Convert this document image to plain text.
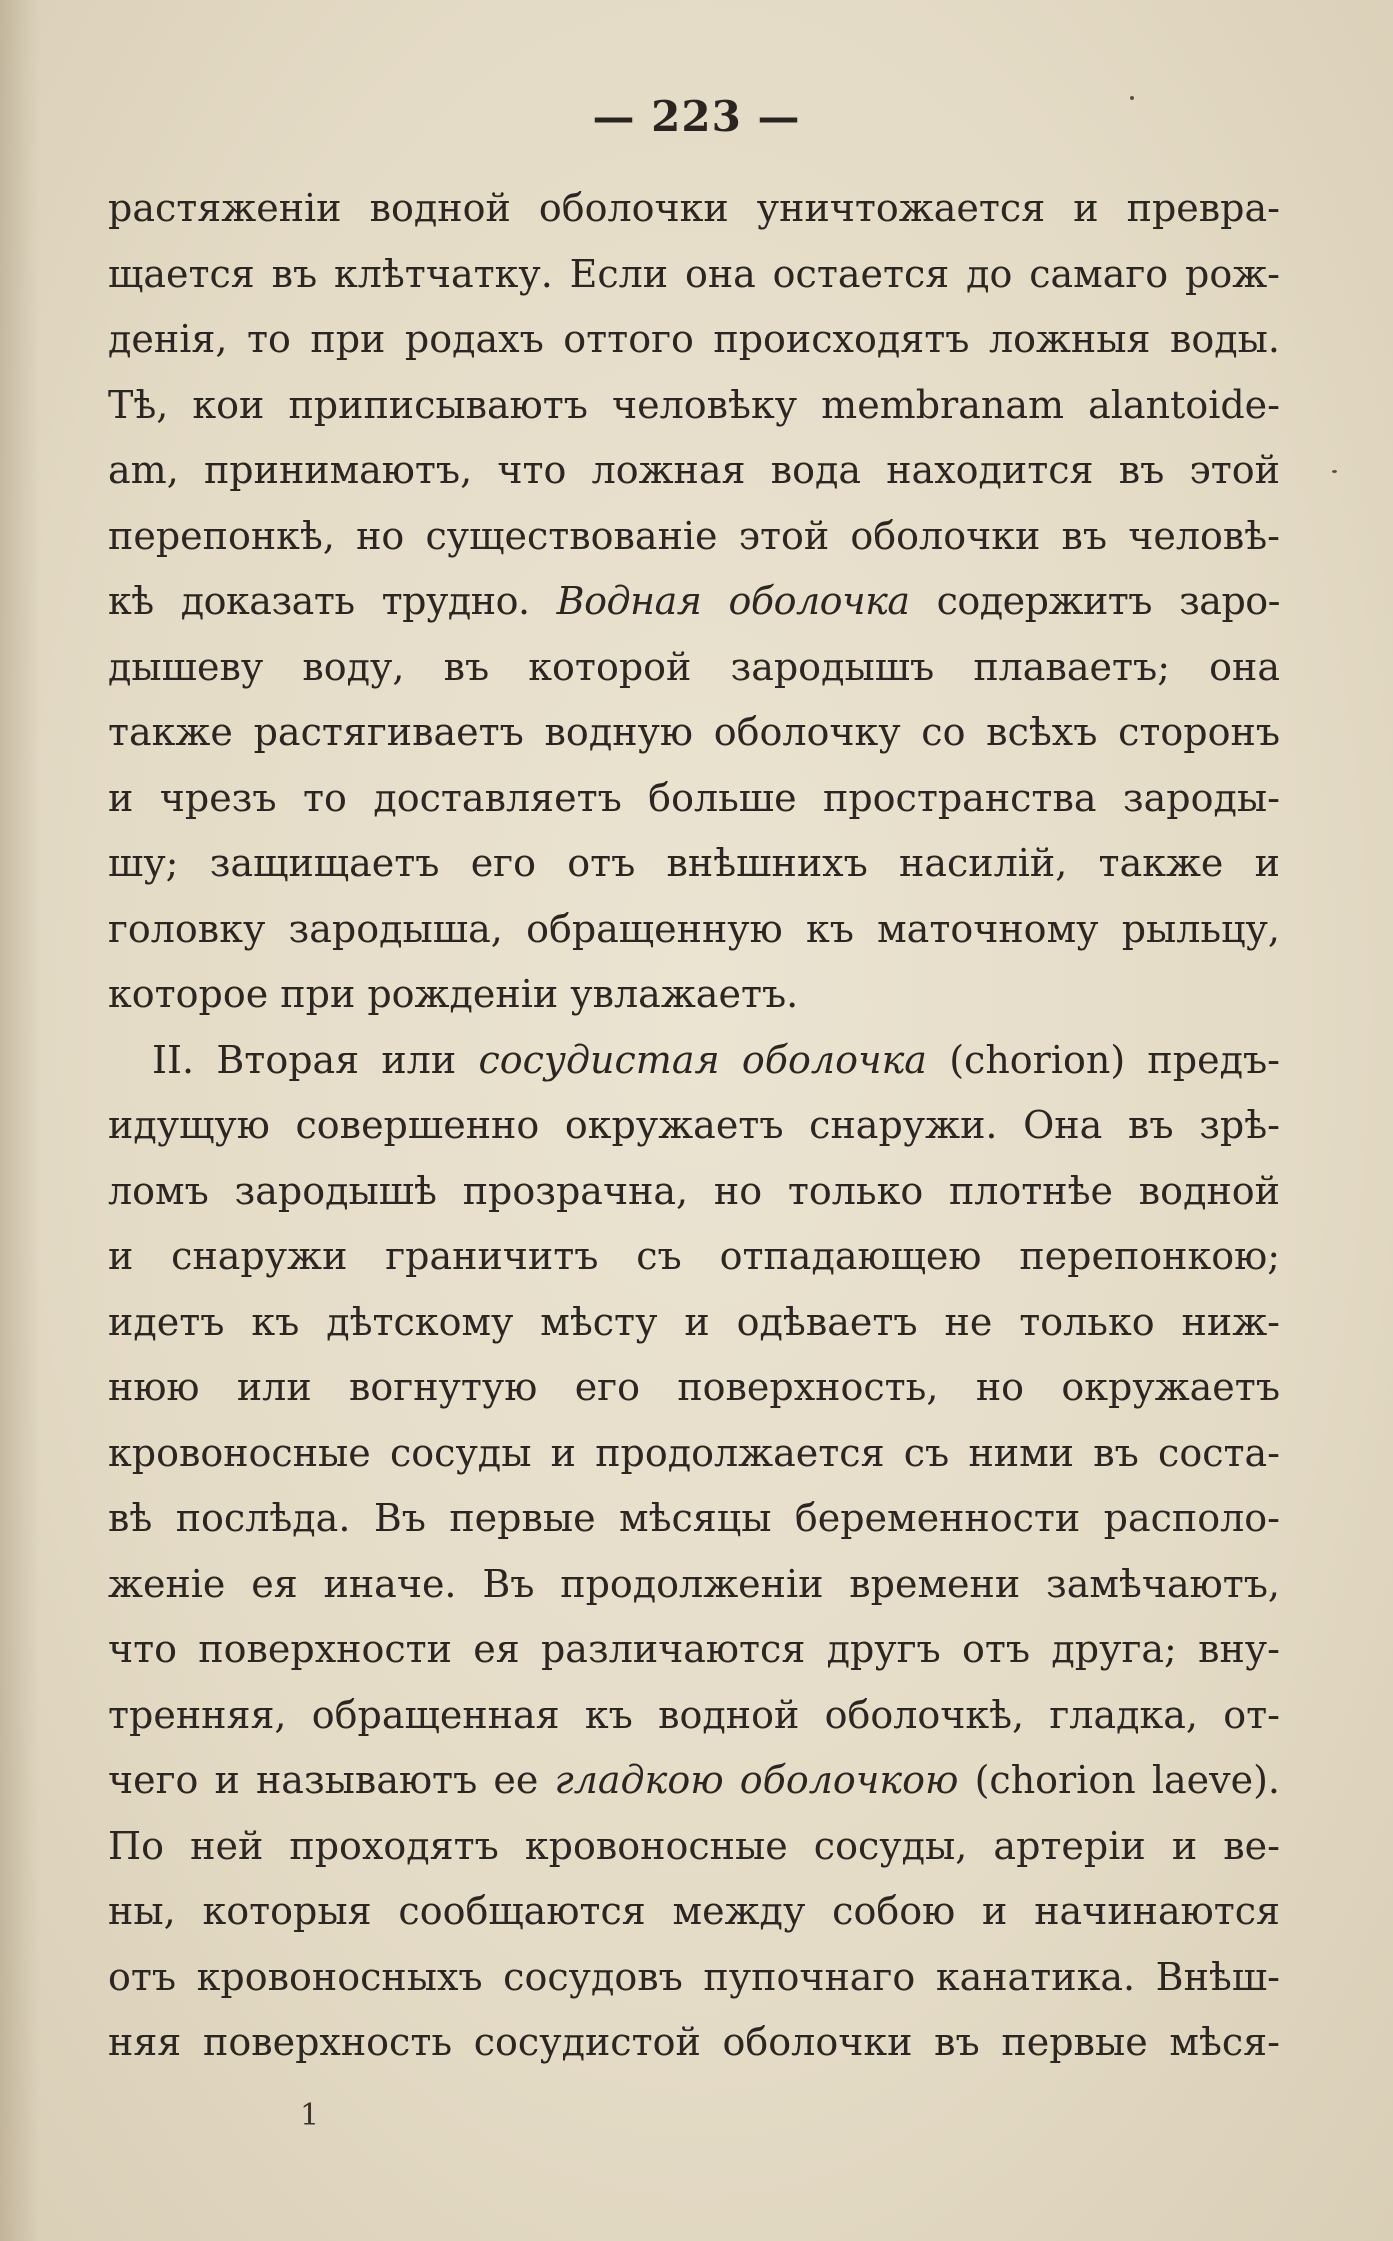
— 223 —
растяженіи водной оболочки уничтожается и превра-
щается въ клѣтчатку. Если она остается до самаго рож-
денія, то при родахъ оттого происходятъ ложныя воды.
Тѣ, кои приписываютъ человѣку membranam alantoide-
am, принимаютъ, что ложная вода находится въ этой
перепонкѣ, но существованіе этой оболочки въ человѣ-
кѣ доказать трудно. Водная оболочка содержитъ заро-
дышеву воду, въ которой зародышъ плаваетъ; она
также растягиваетъ водную оболочку со всѣхъ сторонъ
и чрезъ то доставляетъ больше пространства зароды-
шу; защищаетъ его отъ внѣшнихъ насилій, также и
головку зародыша, обращенную къ маточному рыльцу,
которое при рожденіи увлажаетъ.
II. Вторая или сосудистая оболочка (chorion) предъ-
идущую совершенно окружаетъ снаружи. Она въ зрѣ-
ломъ зародышѣ прозрачна, но только плотнѣе водной
и снаружи граничитъ съ отпадающею перепонкою;
идетъ къ дѣтскому мѣсту и одѣваетъ не только ниж-
нюю или вогнутую его поверхность, но окружаетъ
кровоносные сосуды и продолжается съ ними въ соста-
вѣ послѣда. Въ первые мѣсяцы беременности располо-
женіе ея иначе. Въ продолженіи времени замѣчаютъ,
что поверхности ея различаются другъ отъ друга; вну-
тренняя, обращенная къ водной оболочкѣ, гладка, от-
чего и называютъ ее гладкою оболочкою (chorion laeve).
По ней проходятъ кровоносные сосуды, артеріи и ве-
ны, которыя сообщаются между собою и начинаются
отъ кровоносныхъ сосудовъ пупочнаго канатика. Внѣш-
няя поверхность сосудистой оболочки въ первые мѣся-
1
